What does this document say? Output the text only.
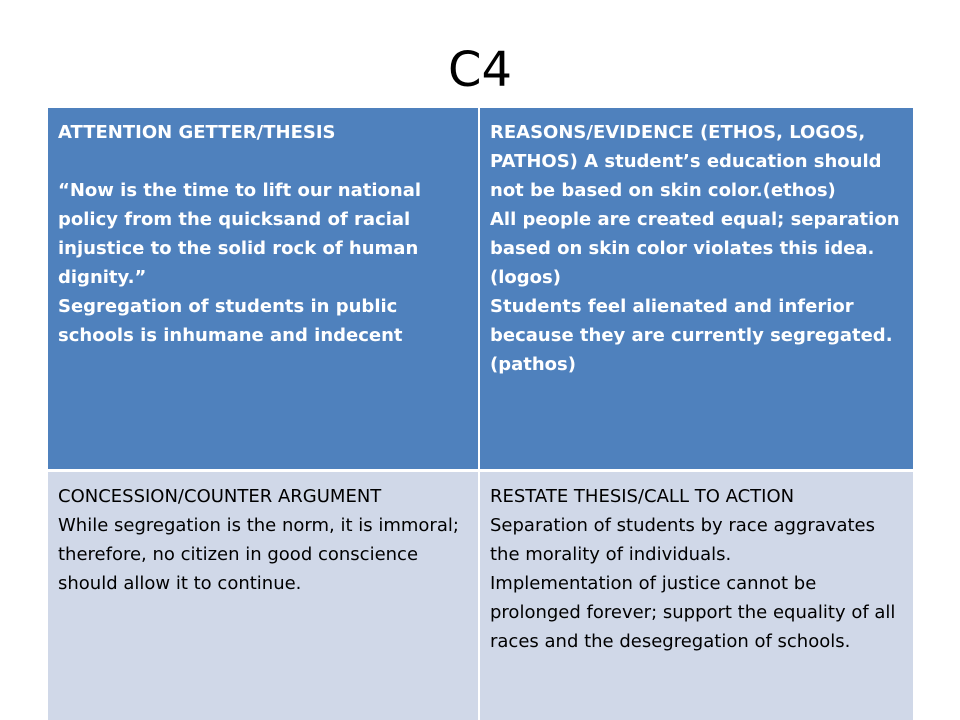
C4

ATTENTION GETTER/THESIS

“Now is the time to lift our national policy from the quicksand of racial injustice to the solid rock of human dignity.”

Segregation of students in public schools is inhumane and indecent

REASONS/EVIDENCE (ETHOS, LOGOS, PATHOS) A student’s education should not be based on skin color.(ethos)

All people are created equal; separation based on skin color violates this idea. (logos)

Students feel alienated and inferior because they are currently segregated. (pathos)

CONCESSION/COUNTER ARGUMENT

While segregation is the norm, it is immoral; therefore, no citizen in good conscience should allow it to continue.

RESTATE THESIS/CALL TO ACTION

Separation of students by race aggravates the morality of individuals.

Implementation of justice cannot be prolonged forever; support the equality of all races and the desegregation of schools.
